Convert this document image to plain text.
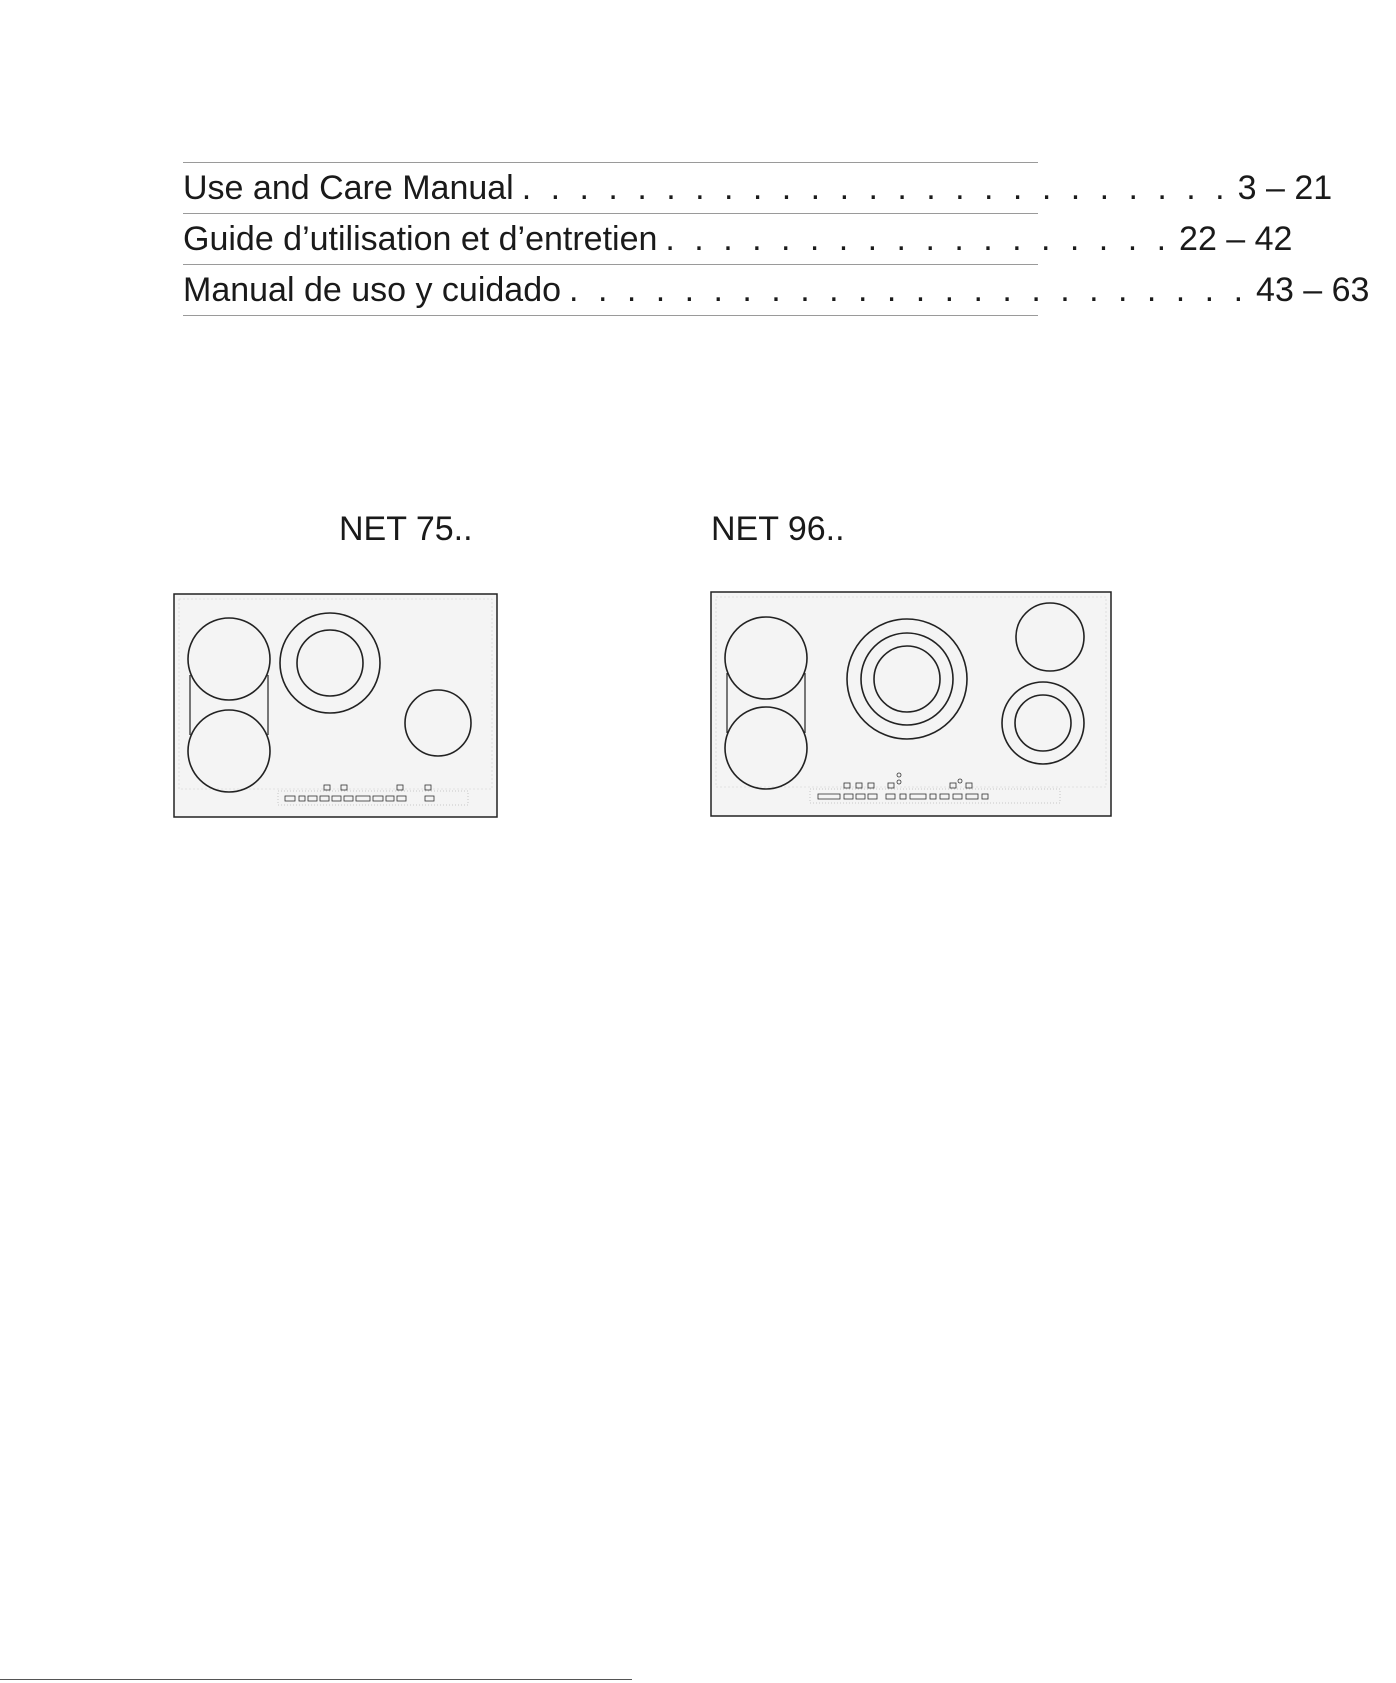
Use and Care Manual . . . . . . . . . . . . . . . . . . . . . . . . . 3 – 21
Guide d’utilisation et d’entretien . . . . . . . . . . . . . . . . . . 22 – 42
Manual de uso y cuidado . . . . . . . . . . . . . . . . . . . . . . . . 43 – 63
NET 75..	NET 96..
